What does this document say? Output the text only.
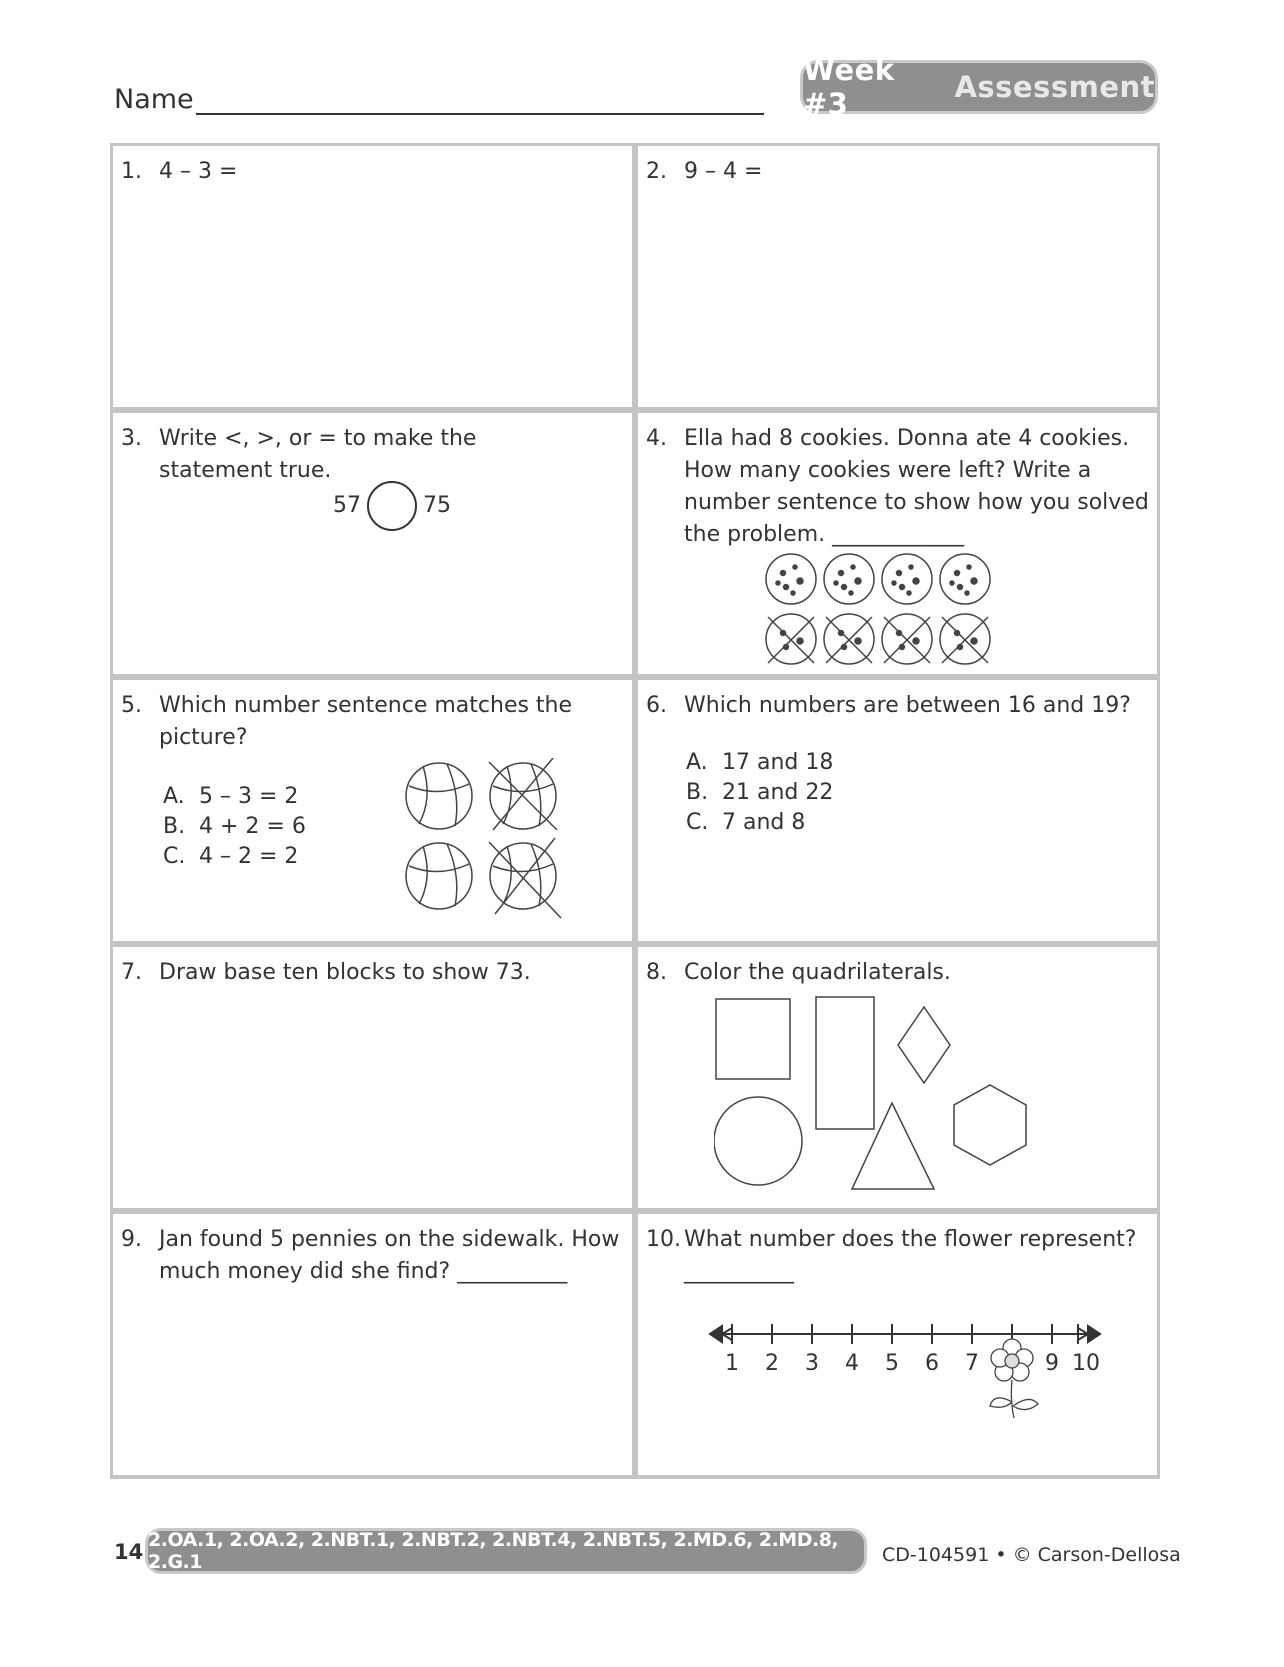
Name
Week #3	Assessment
1. 4 – 3 =	2. 9 – 4 =
3. Write <, >, or = to make the statement true.
57	75
4. Ella had 8 cookies. Donna ate 4 cookies. How many cookies were left? Write a number sentence to show how you solved the problem. ____________
5. Which number sentence matches the picture?
A. 5 – 3 = 2
B. 4 + 2 = 6
C. 4 – 2 = 2
6. Which numbers are between 16 and 19?
A. 17 and 18
B. 21 and 22
C. 7 and 8
7. Draw base ten blocks to show 73.	8. Color the quadrilaterals.
9. Jan found 5 pennies on the sidewalk. How much money did she find? __________
10. What number does the flower represent?
__________
1 2 3 4 5 6 7	9 10
14 2.OA.1, 2.OA.2, 2.NBT.1, 2.NBT.2, 2.NBT.4, 2.NBT.5, 2.MD.6, 2.MD.8, 2.G.1	CD-104591 • © Carson-Dellosa
